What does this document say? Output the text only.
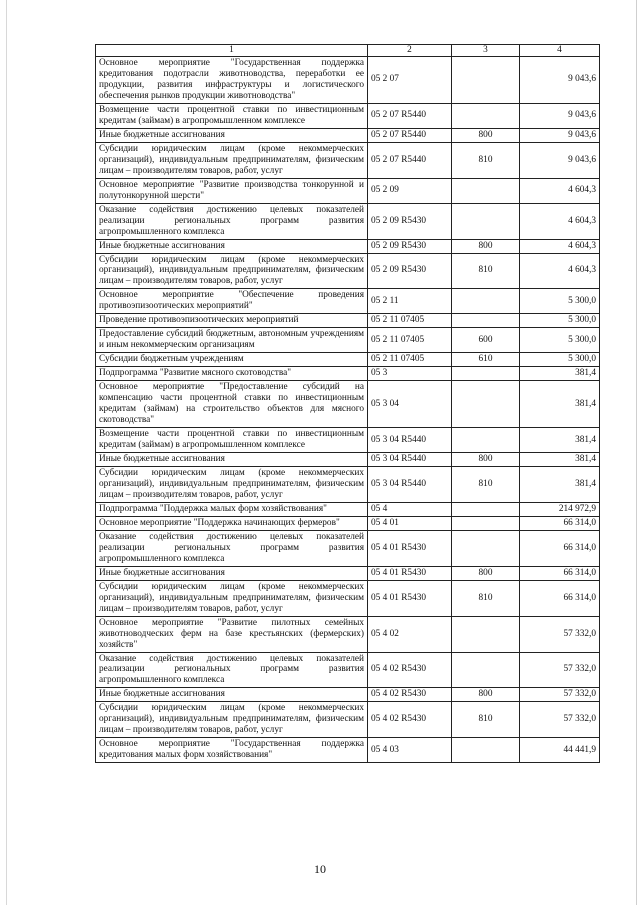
1	2	3	4
Основное мероприятие "Государственная поддержка кредитования подотрасли животноводства, переработки ее продукции, развития инфраструктуры и логистического обеспечения рынков продукции животноводства"	05 2 07		9 043,6
Возмещение части процентной ставки по инвестиционным кредитам (займам) в агропромышленном комплексе	05 2 07 R5440		9 043,6
Иные бюджетные ассигнования	05 2 07 R5440	800	9 043,6
Субсидии юридическим лицам (кроме некоммерческих организаций), индивидуальным предпринимателям, физическим лицам – производителям товаров, работ, услуг	05 2 07 R5440	810	9 043,6
Основное мероприятие "Развитие производства тонкорунной и полутонкорунной шерсти"	05 2 09		4 604,3
Оказание содействия достижению целевых показателей реализации региональных программ развития агропромышленного комплекса	05 2 09 R5430		4 604,3
Иные бюджетные ассигнования	05 2 09 R5430	800	4 604,3
Субсидии юридическим лицам (кроме некоммерческих организаций), индивидуальным предпринимателям, физическим лицам – производителям товаров, работ, услуг	05 2 09 R5430	810	4 604,3
Основное мероприятие "Обеспечение проведения противоэпизоотических мероприятий"	05 2 11		5 300,0
Проведение противоэпизоотических мероприятий	05 2 11 07405		5 300,0
Предоставление субсидий бюджетным, автономным учреждениям и иным некоммерческим организациям	05 2 11 07405	600	5 300,0
Субсидии бюджетным учреждениям	05 2 11 07405	610	5 300,0
Подпрограмма "Развитие мясного скотоводства"	05 3		381,4
Основное мероприятие "Предоставление субсидий на компенсацию части процентной ставки по инвестиционным кредитам (займам) на строительство объектов для мясного скотоводства"	05 3 04		381,4
Возмещение части процентной ставки по инвестиционным кредитам (займам) в агропромышленном комплексе	05 3 04 R5440		381,4
Иные бюджетные ассигнования	05 3 04 R5440	800	381,4
Субсидии юридическим лицам (кроме некоммерческих организаций), индивидуальным предпринимателям, физическим лицам – производителям товаров, работ, услуг	05 3 04 R5440	810	381,4
Подпрограмма "Поддержка малых форм хозяйствования"	05 4		214 972,9
Основное мероприятие "Поддержка начинающих фермеров"	05 4 01		66 314,0
Оказание содействия достижению целевых показателей реализации региональных программ развития агропромышленного комплекса	05 4 01 R5430		66 314,0
Иные бюджетные ассигнования	05 4 01 R5430	800	66 314,0
Субсидии юридическим лицам (кроме некоммерческих организаций), индивидуальным предпринимателям, физическим лицам – производителям товаров, работ, услуг	05 4 01 R5430	810	66 314,0
Основное мероприятие "Развитие пилотных семейных животноводческих ферм на базе крестьянских (фермерских) хозяйств"	05 4 02		57 332,0
Оказание содействия достижению целевых показателей реализации региональных программ развития агропромышленного комплекса	05 4 02 R5430		57 332,0
Иные бюджетные ассигнования	05 4 02 R5430	800	57 332,0
Субсидии юридическим лицам (кроме некоммерческих организаций), индивидуальным предпринимателям, физическим лицам – производителям товаров, работ, услуг	05 4 02 R5430	810	57 332,0
Основное мероприятие "Государственная поддержка кредитования малых форм хозяйствования"	05 4 03		44 441,9
10
